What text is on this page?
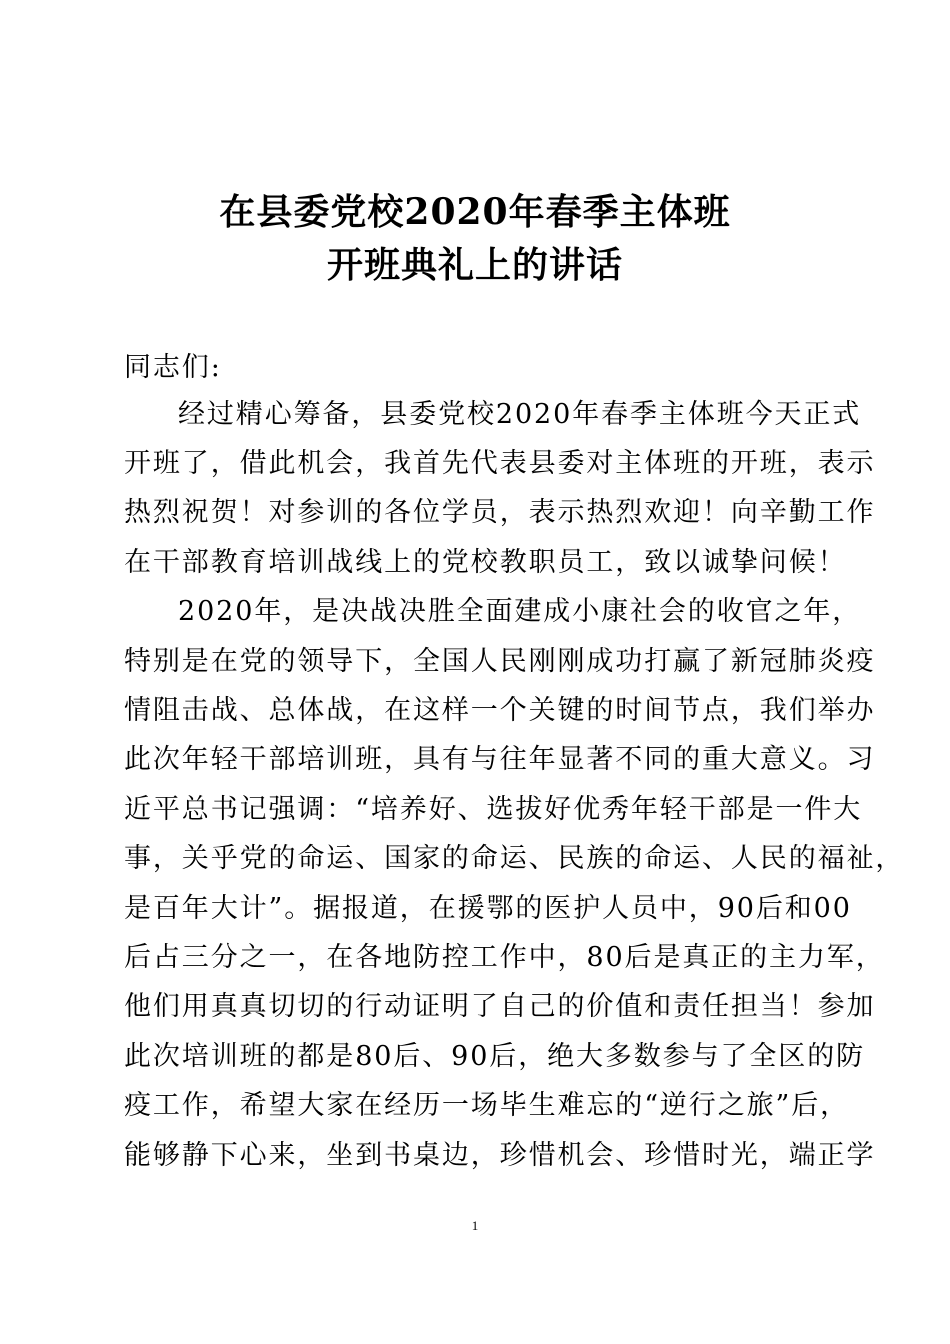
在县委党校2020年春季主体班
开班典礼上的讲话
同志们:
经过精心筹备，县委党校2020年春季主体班今天正式
开班了，借此机会，我首先代表县委对主体班的开班，表示
热烈祝贺！对参训的各位学员，表示热烈欢迎！向辛勤工作
在干部教育培训战线上的党校教职员工，致以诚挚问候！
2020年，是决战决胜全面建成小康社会的收官之年，
特别是在党的领导下，全国人民刚刚成功打赢了新冠肺炎疫
情阻击战、总体战，在这样一个关键的时间节点，我们举办
此次年轻干部培训班，具有与往年显著不同的重大意义。习
近平总书记强调：“培养好、选拔好优秀年轻干部是一件大
事，关乎党的命运、国家的命运、民族的命运、人民的福祉，
是百年大计”。据报道，在援鄂的医护人员中，90后和00
后占三分之一，在各地防控工作中，80后是真正的主力军，
他们用真真切切的行动证明了自己的价值和责任担当！参加
此次培训班的都是80后、90后，绝大多数参与了全区的防
疫工作，希望大家在经历一场毕生难忘的“逆行之旅”后，
能够静下心来，坐到书桌边，珍惜机会、珍惜时光，端正学
1
